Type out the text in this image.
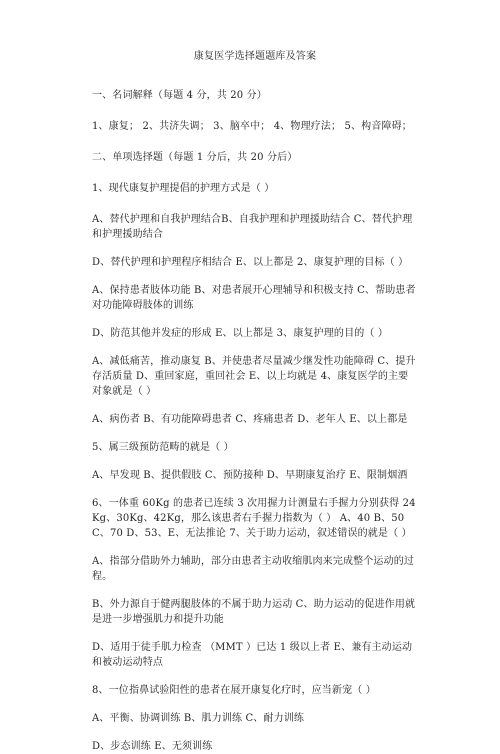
康复医学选择题题库及答案

一、名词解释（每题 4 分，共 20 分）

1、康复； 2、共济失调； 3、脑卒中； 4、物理疗法； 5、构音障碍；

二、单项选择题（每题 1 分后，共 20 分后）

1、现代康复护理提倡的护理方式是（ ）

A、替代护理和自我护理结合B、自我护理和护理援助结合 C、替代护理和护理援助结合

D、替代护理和护理程序相结合 E、以上都是 2、康复护理的目标（ ）

A、保持患者肢体功能 B、对患者展开心理辅导和积极支持 C、帮助患者对功能障碍肢体的训练

D、防范其他并发症的形成 E、以上都是 3、康复护理的目的（ ）

A、减低痛苦，推动康复 B、并使患者尽量减少继发性功能障碍 C、提升存活质量 D、重回家庭，重回社会 E、以上均就是 4、康复医学的主要对象就是（ ）

A、病伤者 B、有功能障碍患者 C、疼痛患者 D、老年人 E、以上都是

5、属三级预防范畴的就是（ ）

A、早发现 B、提供假肢 C、预防接种 D、早期康复治疗 E、限制烟酒

6、一体重 60Kg 的患者已连续 3 次用握力计测量右手握力分别获得 24Kg、30Kg、42Kg，那么该患者右手握力指数为（ ） A、40 B、50 C、70 D、53、E、无法推论 7、关于助力运动，叙述错误的就是（ ）

A、指部分借助外力辅助，部分由患者主动收缩肌肉来完成整个运动的过程。

B、外力源自于健两腿肢体的不属于助力运动 C、助力运动的促进作用就是进一步增强肌力和提升功能

D、适用于徒手肌力检查 （MMT ）已达 1 级以上者 E、兼有主动运动和被动运动特点

8、一位指鼻试验阳性的患者在展开康复化疗时，应当新宠（ ）

A、平衡、协调训练 B、肌力训练 C、耐力训练

D、步态训练 E、无须训练
